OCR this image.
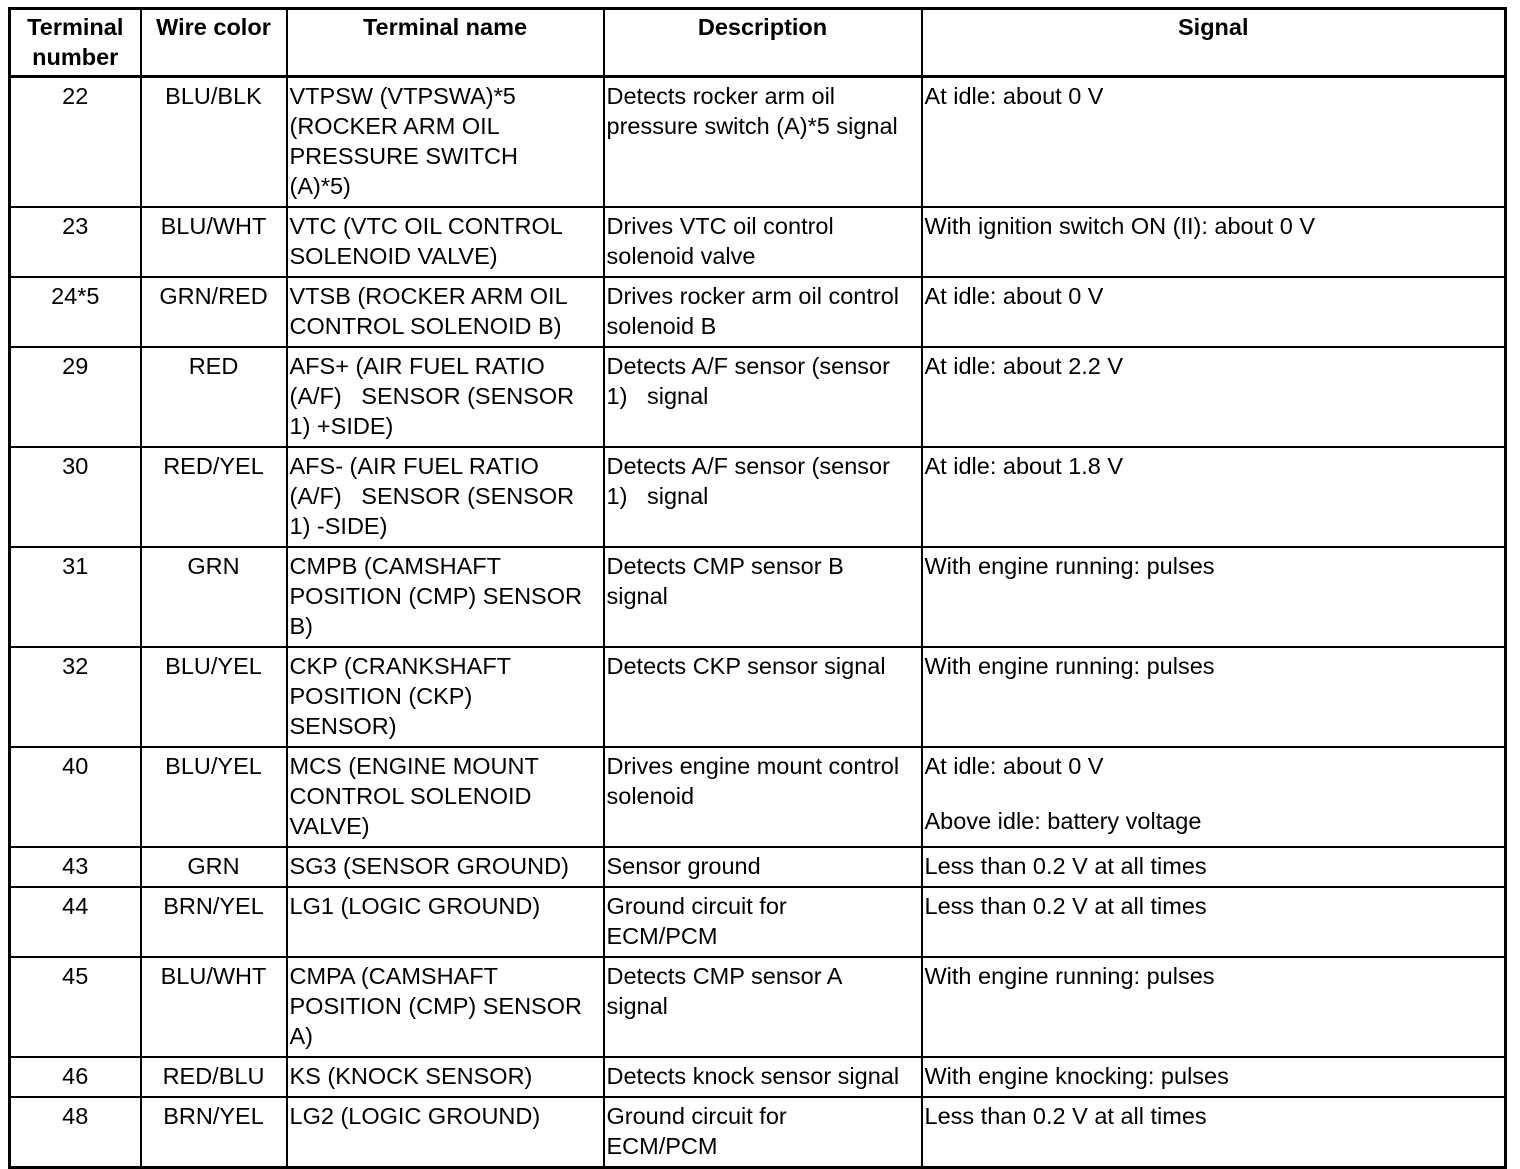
Terminal
number	Wire color	Terminal name	Description	Signal
22	BLU/BLK	VTPSW (VTPSWA)*5
(ROCKER ARM OIL
PRESSURE SWITCH
(A)*5)	Detects rocker arm oil
pressure switch (A)*5 signal	At idle: about 0 V

23	BLU/WHT	VTC (VTC OIL CONTROL
SOLENOID VALVE)	Drives VTC oil control
solenoid valve	With ignition switch ON (II): about 0 V

24*5	GRN/RED	VTSB (ROCKER ARM OIL
CONTROL SOLENOID B)	Drives rocker arm oil control
solenoid B	At idle: about 0 V

29	RED	AFS+ (AIR FUEL RATIO
(A/F)   SENSOR (SENSOR
1) +SIDE)	Detects A/F sensor (sensor
1)   signal	At idle: about 2.2 V

30	RED/YEL	AFS- (AIR FUEL RATIO
(A/F)   SENSOR (SENSOR
1) -SIDE)	Detects A/F sensor (sensor
1)   signal	At idle: about 1.8 V

31	GRN	CMPB (CAMSHAFT
POSITION (CMP) SENSOR
B)	Detects CMP sensor B
signal	With engine running: pulses

32	BLU/YEL	CKP (CRANKSHAFT
POSITION (CKP)
SENSOR)	Detects CKP sensor signal	With engine running: pulses

40	BLU/YEL	MCS (ENGINE MOUNT
CONTROL SOLENOID
VALVE)	Drives engine mount control
solenoid	At idle: about 0 V
Above idle: battery voltage

43	GRN	SG3 (SENSOR GROUND)	Sensor ground	Less than 0.2 V at all times

44	BRN/YEL	LG1 (LOGIC GROUND)	Ground circuit for
ECM/PCM	Less than 0.2 V at all times

45	BLU/WHT	CMPA (CAMSHAFT
POSITION (CMP) SENSOR
A)	Detects CMP sensor A
signal	With engine running: pulses

46	RED/BLU	KS (KNOCK SENSOR)	Detects knock sensor signal	With engine knocking: pulses

48	BRN/YEL	LG2 (LOGIC GROUND)	Ground circuit for
ECM/PCM	Less than 0.2 V at all times
